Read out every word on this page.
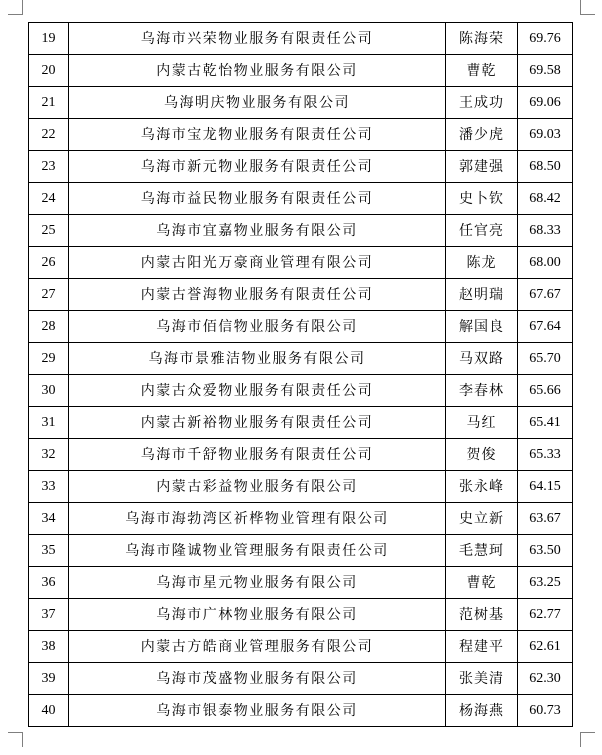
19	乌海市兴荣物业服务有限责任公司	陈海荣	69.76
20	内蒙古乾怡物业服务有限公司	曹乾	69.58
21	乌海明庆物业服务有限公司	王成功	69.06
22	乌海市宝龙物业服务有限责任公司	潘少虎	69.03
23	乌海市新元物业服务有限责任公司	郭建强	68.50
24	乌海市益民物业服务有限责任公司	史卜钦	68.42
25	乌海市宜嘉物业服务有限公司	任官亮	68.33
26	内蒙古阳光万豪商业管理有限公司	陈龙	68.00
27	内蒙古誉海物业服务有限责任公司	赵明瑞	67.67
28	乌海市佰信物业服务有限公司	解国良	67.64
29	乌海市景雅洁物业服务有限公司	马双路	65.70
30	内蒙古众爱物业服务有限责任公司	李春林	65.66
31	内蒙古新裕物业服务有限责任公司	马红	65.41
32	乌海市千舒物业服务有限责任公司	贺俊	65.33
33	内蒙古彩益物业服务有限公司	张永峰	64.15
34	乌海市海勃湾区祈桦物业管理有限公司	史立新	63.67
35	乌海市隆诚物业管理服务有限责任公司	毛慧珂	63.50
36	乌海市星元物业服务有限公司	曹乾	63.25
37	乌海市广林物业服务有限公司	范树基	62.77
38	内蒙古方皓商业管理服务有限公司	程建平	62.61
39	乌海市茂盛物业服务有限公司	张美清	62.30
40	乌海市银泰物业服务有限公司	杨海燕	60.73
